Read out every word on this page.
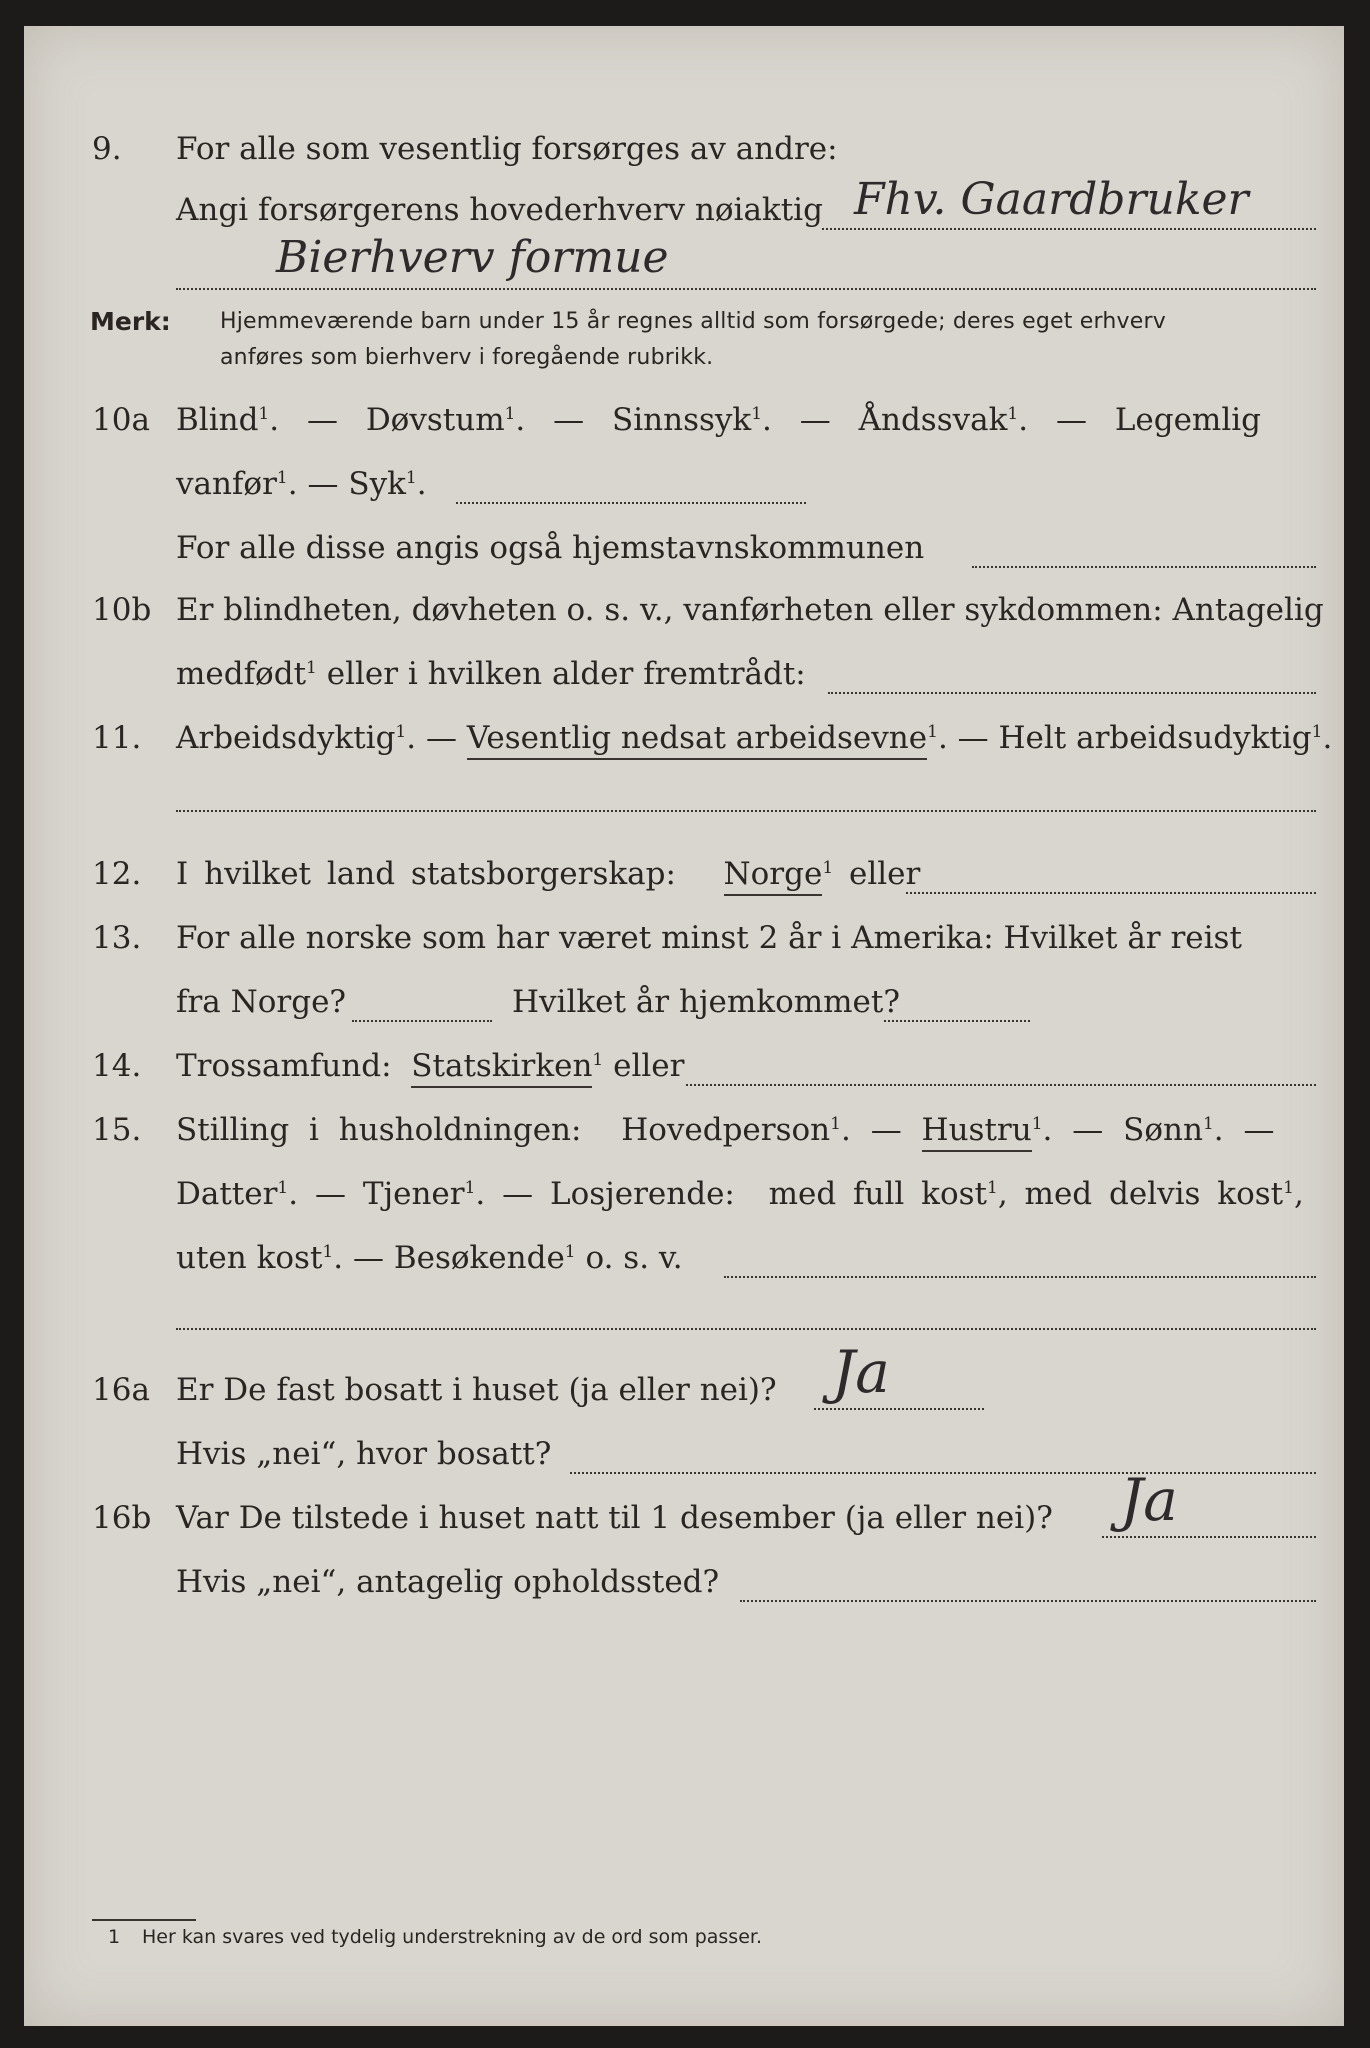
9. For alle som vesentlig forsørges av andre:
Angi forsørgerens hovederhverv nøiaktig Fhv. Gaardbruker
Bierhverv formue
Merk: Hjemmeværende barn under 15 år regnes alltid som forsørgede; deres eget erhverv
anføres som bierhverv i foregående rubrikk.
10a Blind$^1$. — Døvstum$^1$. — Sinnssyk$^1$. — Åndssvak$^1$. — Legemlig
vanfør$^1$. — Syk$^1$.
For alle disse angis også hjemstavnskommunen
10b Er blindheten, døvheten o. s. v., vanførheten eller sykdommen: Antagelig
medfødt$^1$ eller i hvilken alder fremtrådt:
11. Arbeidsdyktig$^1$. — Vesentlig nedsat arbeidsevne$^1$. — Helt arbeidsudyktig$^1$.
12. I hvilket land statsborgerskap: Norge$^1$ eller
13. For alle norske som har været minst 2 år i Amerika: Hvilket år reist
fra Norge?	Hvilket år hjemkommet?
14. Trossamfund: Statskirken$^1$ eller
15. Stilling i husholdningen: Hovedperson$^1$. — Hustru$^1$. — Sønn$^1$. —
Datter$^1$. — Tjener$^1$. — Losjerende: med full kost$^1$, med delvis kost$^1$,
uten kost$^1$. — Besøkende$^1$ o. s. v.
16a Er De fast bosatt i huset (ja eller nei)? Ja
Hvis „nei“, hvor bosatt?
16b Var De tilstede i huset natt til 1 desember (ja eller nei)? Ja
Hvis „nei“, antagelig opholdssted?
1 Her kan svares ved tydelig understrekning av de ord som passer.
